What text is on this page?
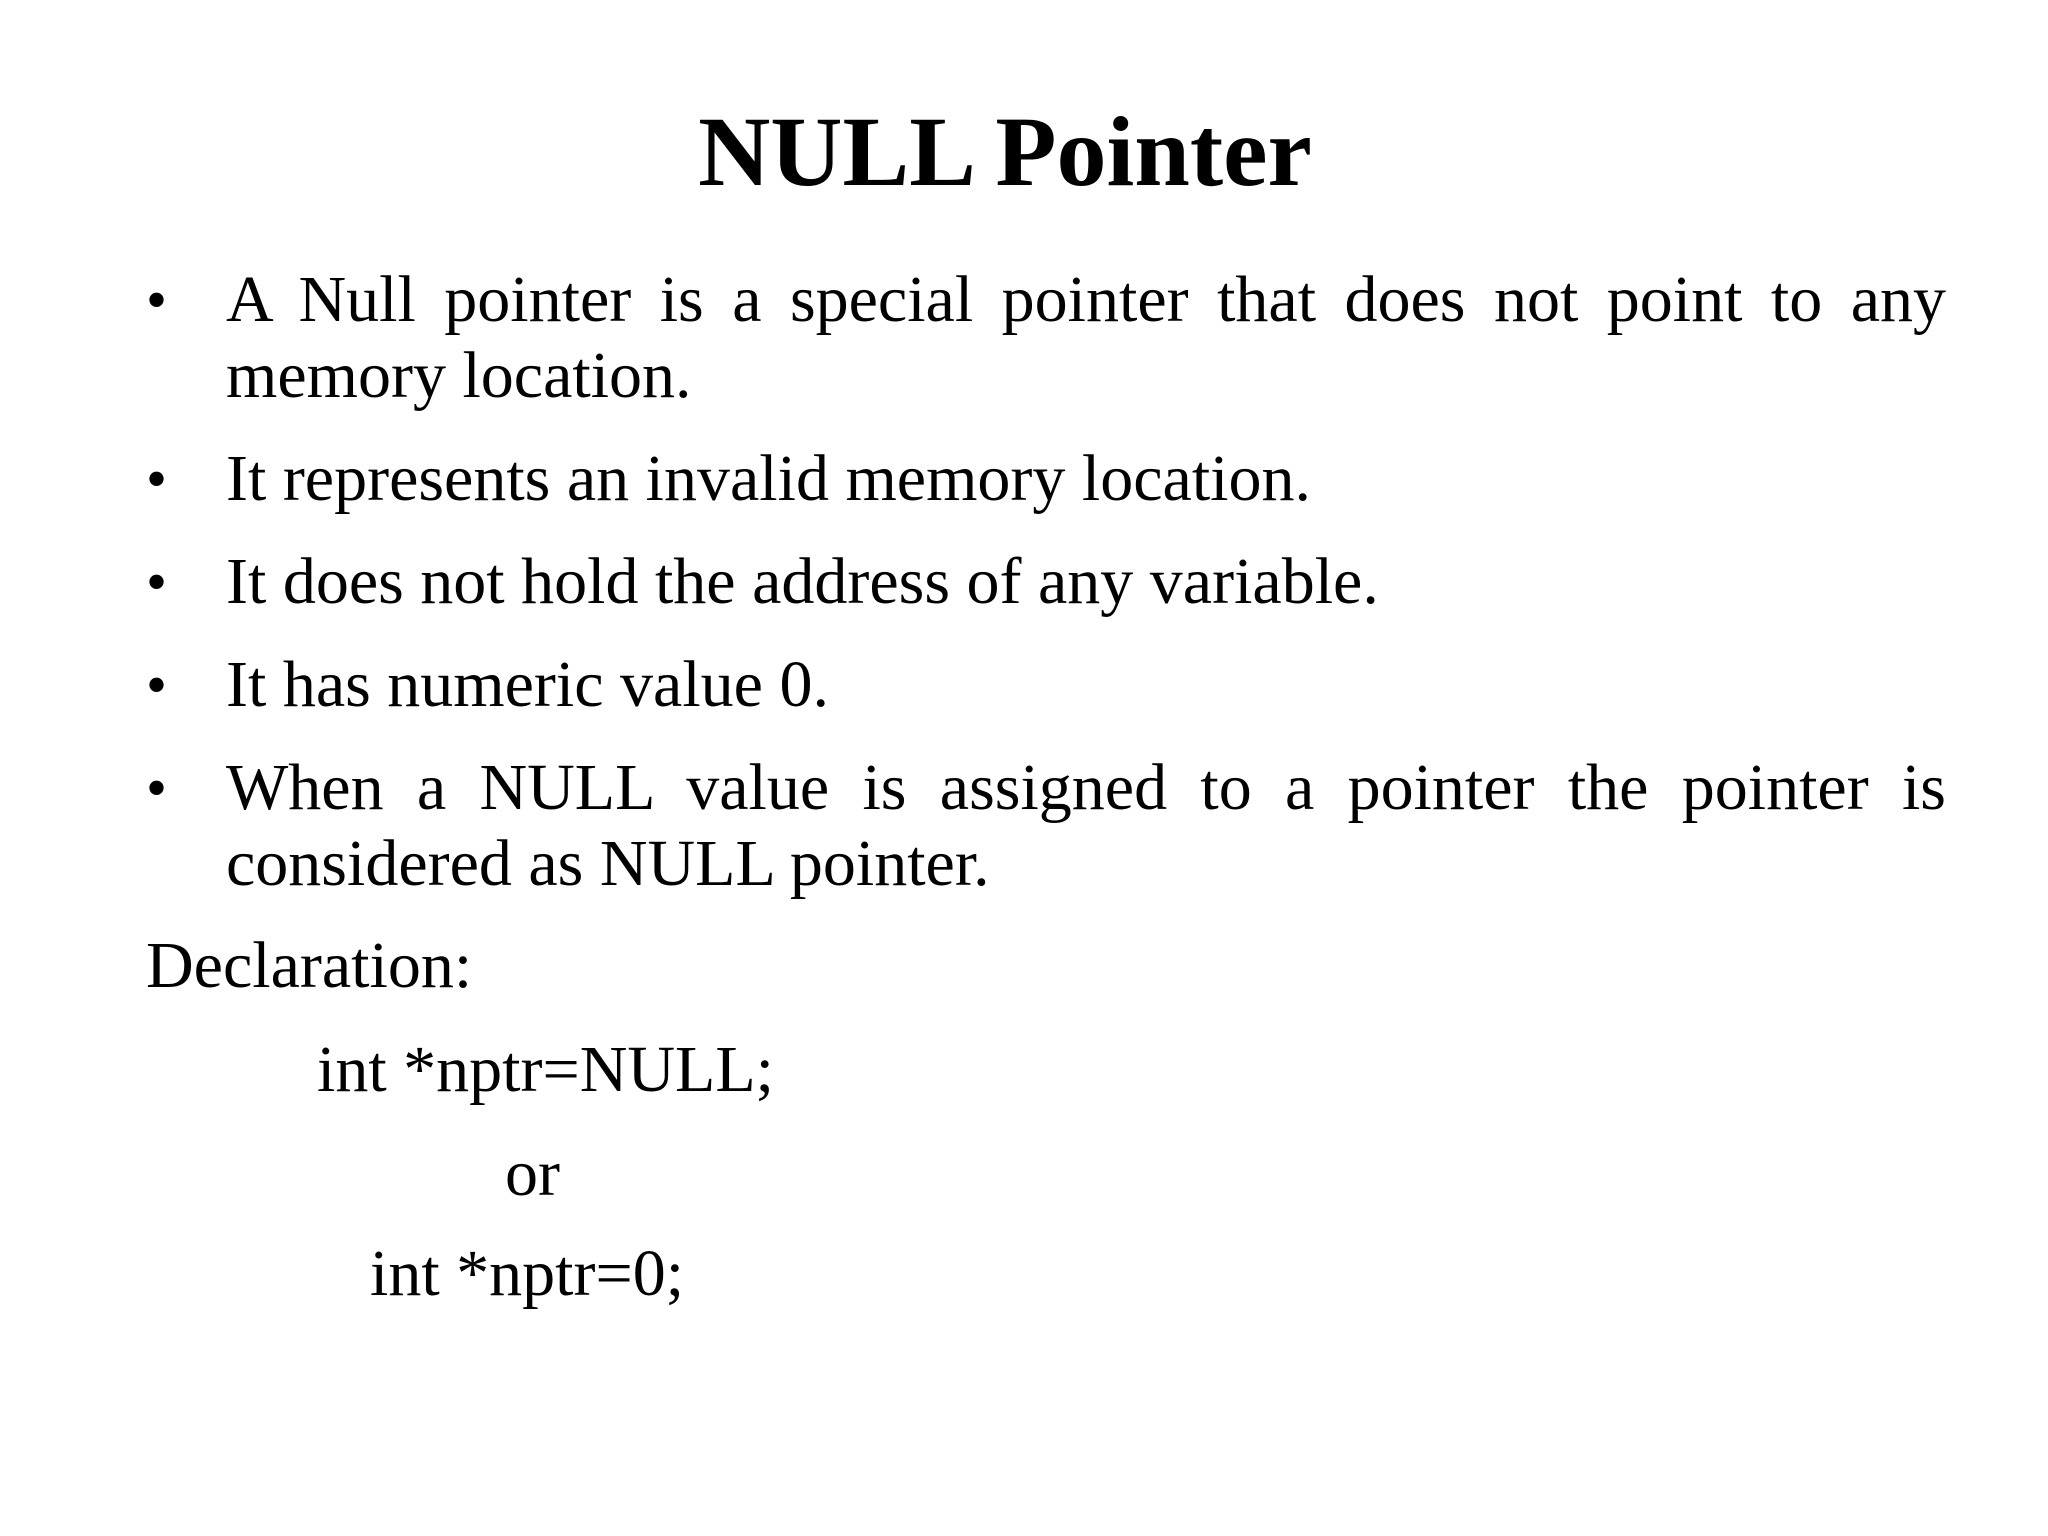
NULL Pointer
• A Null pointer is a special pointer that does not point to any memory location.
• It represents an invalid memory location.
• It does not hold the address of any variable.
• It has numeric value 0.
• When a NULL value is assigned to a pointer the pointer is considered as NULL pointer.
Declaration:
int *nptr=NULL;
or
int *nptr=0;
